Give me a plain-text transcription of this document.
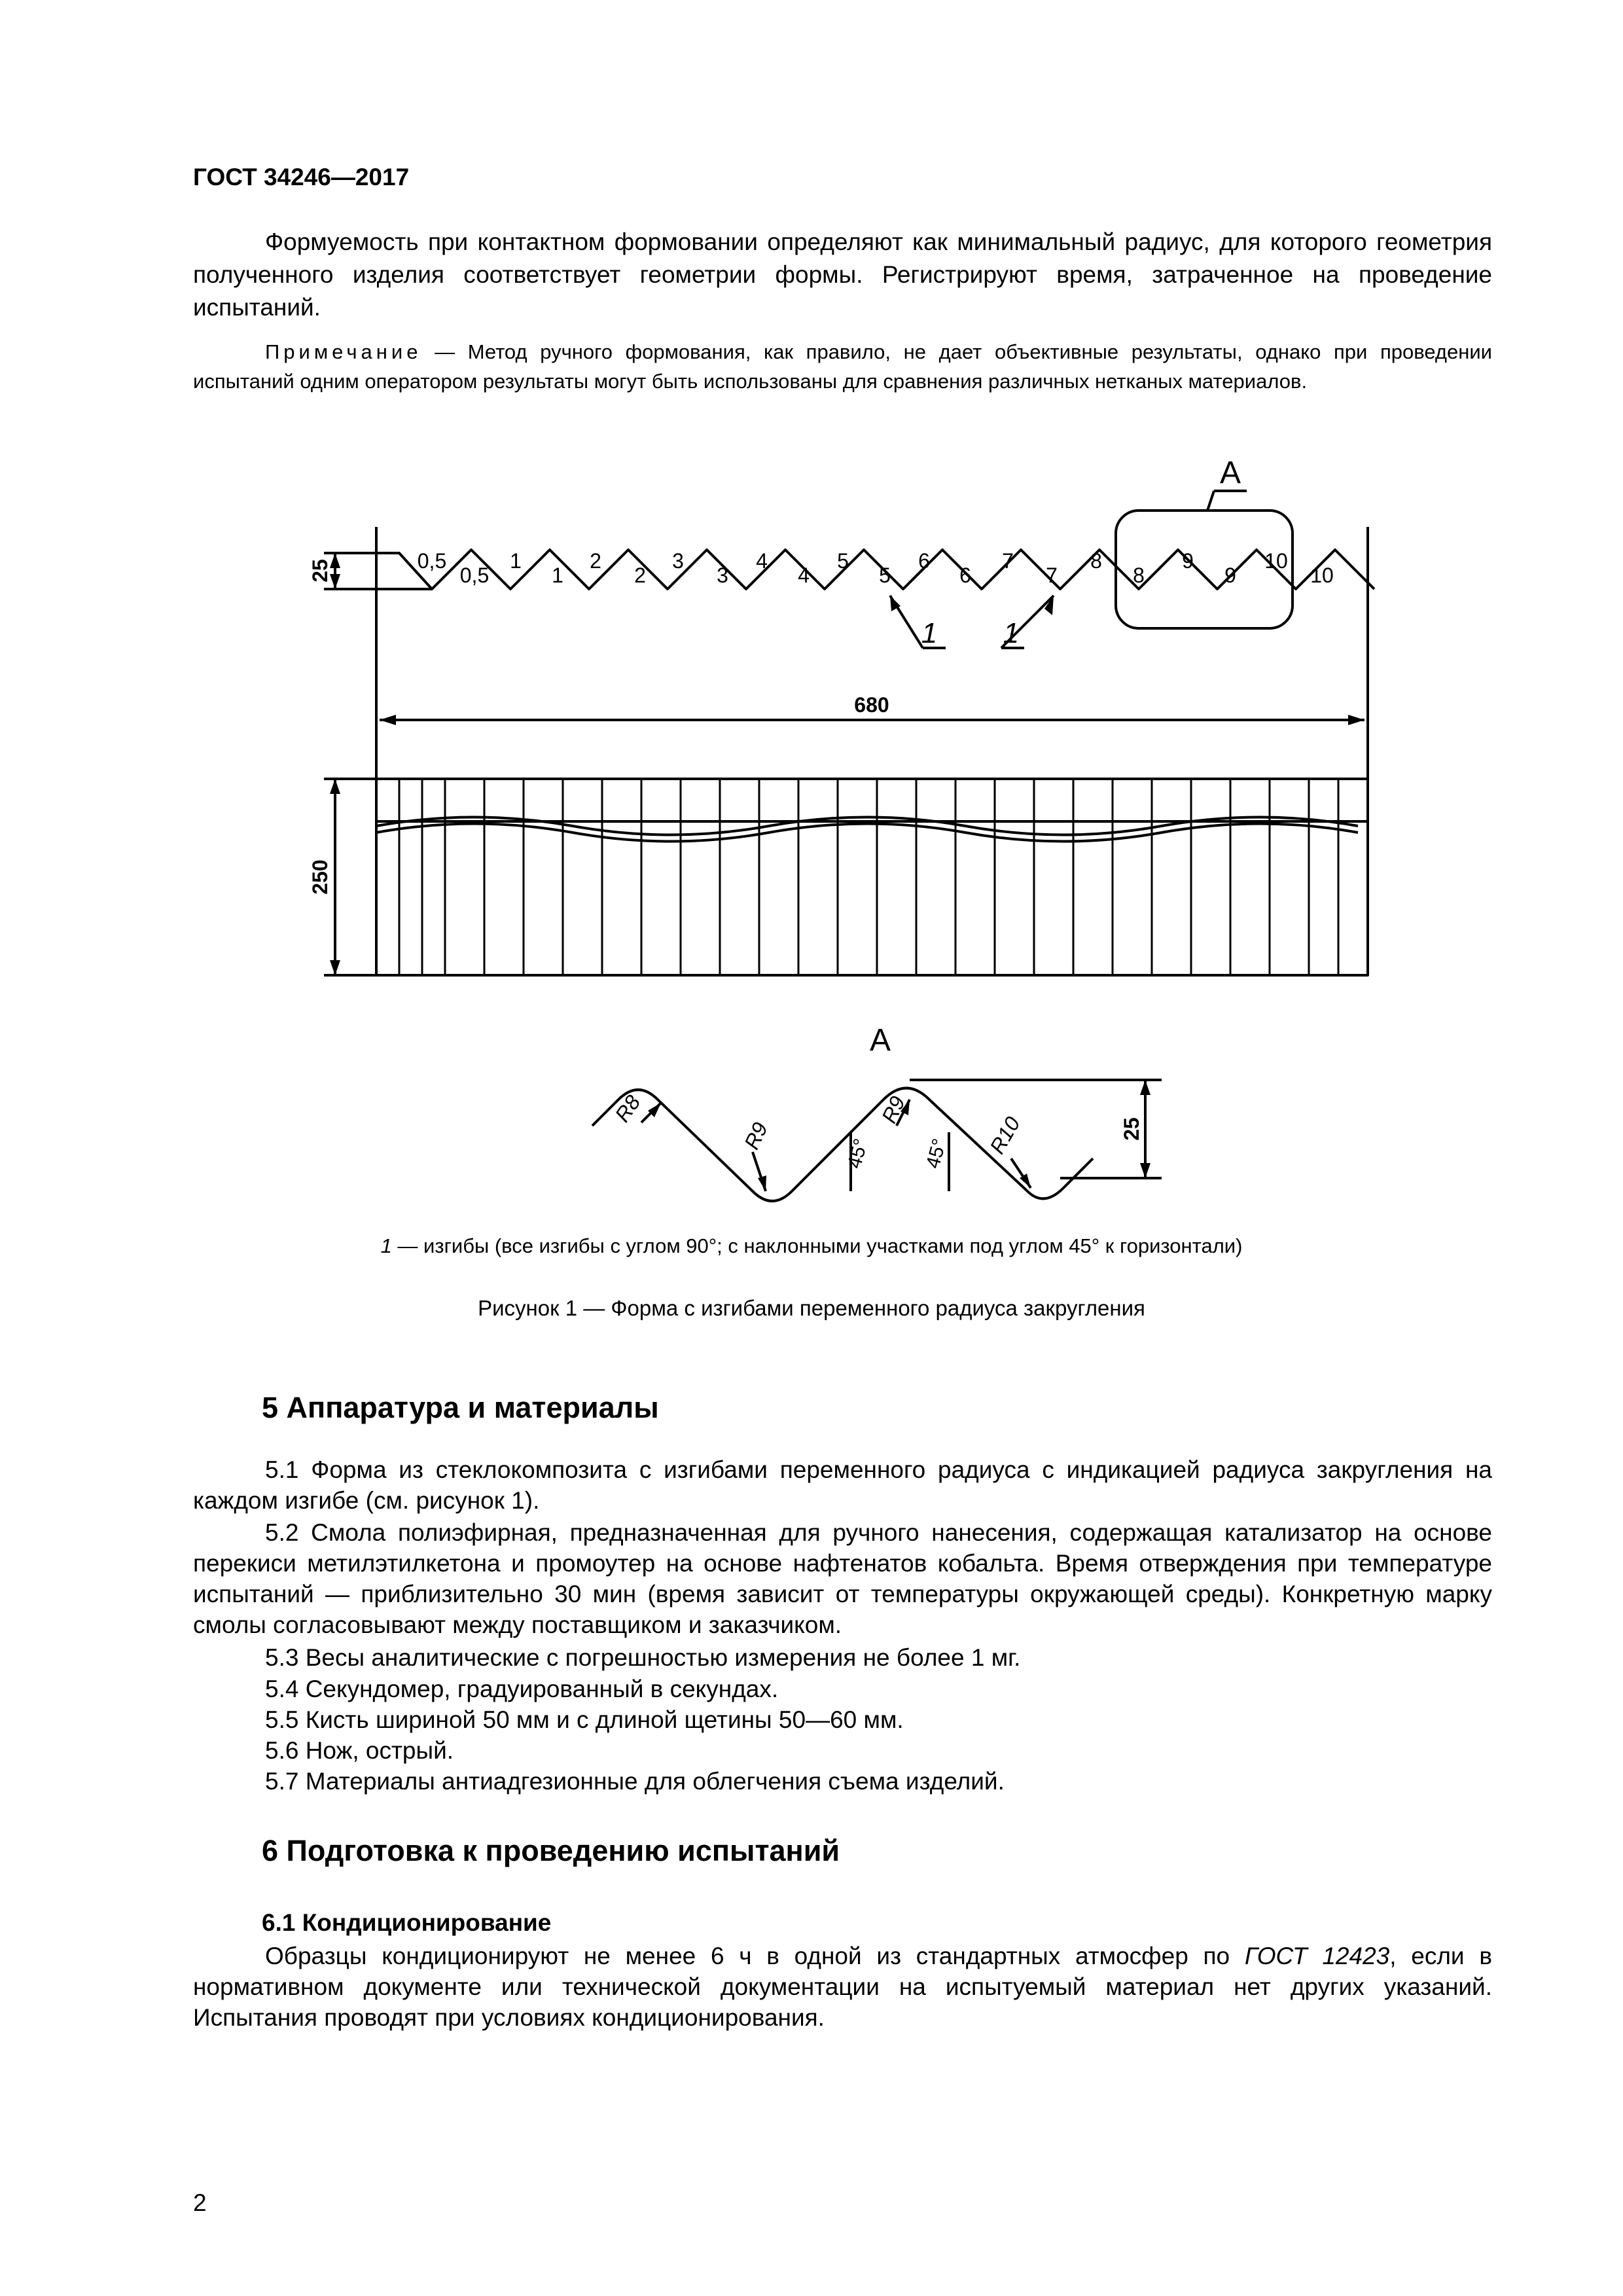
ГОСТ 34246—2017
Формуемость при контактном формовании определяют как минимальный радиус, для которого геометрия полученного изделия соответствует геометрии формы. Регистрируют время, затраченное на проведение испытаний.
Примечание — Метод ручного формования, как правило, не дает объективные результаты, однако при проведении испытаний одним оператором результаты могут быть использованы для сравнения различных нетканых материалов.
0,5	1	2	3	4	5	6	7	8	9	10
0,5	1	2	3	4	5	6	7	8	9	10
680
1 1
A
A
25
250
25
R8
R9
R9
R10
45°	45°
1 — изгибы (все изгибы с углом 90°; с наклонными участками под углом 45° к горизонтали)
Рисунок 1 — Форма с изгибами переменного радиуса закругления
5 Аппаратура и материалы
5.1 Форма из стеклокомпозита с изгибами переменного радиуса с индикацией радиуса закругления на каждом изгибе (см. рисунок 1).
5.2 Смола полиэфирная, предназначенная для ручного нанесения, содержащая катализатор на основе перекиси метилэтилкетона и промоутер на основе нафтенатов кобальта. Время отверждения при температуре испытаний — приблизительно 30 мин (время зависит от температуры окружающей среды). Конкретную марку смолы согласовывают между поставщиком и заказчиком.
5.3 Весы аналитические с погрешностью измерения не более 1 мг.
5.4 Секундомер, градуированный в секундах.
5.5 Кисть шириной 50 мм и с длиной щетины 50—60 мм.
5.6 Нож, острый.
5.7 Материалы антиадгезионные для облегчения съема изделий.
6 Подготовка к проведению испытаний
6.1 Кондиционирование
Образцы кондиционируют не менее 6 ч в одной из стандартных атмосфер по ГОСТ 12423, если в нормативном документе или технической документации на испытуемый материал нет других указаний. Испытания проводят при условиях кондиционирования.
2
